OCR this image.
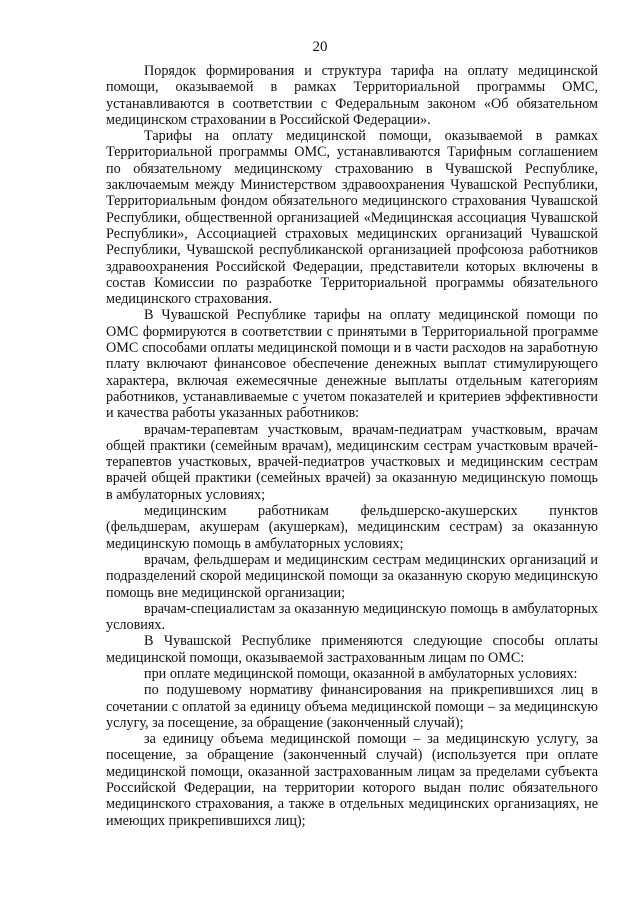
20

Порядок формирования и структура тарифа на оплату медицинской помощи, оказываемой в рамках Территориальной программы ОМС, устанавливаются в соответствии с Федеральным законом «Об обязательном медицинском страховании в Российской Федерации».

Тарифы на оплату медицинской помощи, оказываемой в рамках Территориальной программы ОМС, устанавливаются Тарифным соглашением по обязательному медицинскому страхованию в Чувашской Республике, заключаемым между Министерством здравоохранения Чувашской Республики, Территориальным фондом обязательного медицинского страхования Чувашской Республики, общественной организацией «Медицинская ассоциация Чувашской Республики», Ассоциацией страховых медицинских организаций Чувашской Республики, Чувашской республиканской организацией профсоюза работников здравоохранения Российской Федерации, представители которых включены в состав Комиссии по разработке Территориальной программы обязательного медицинского страхования.

В Чувашской Республике тарифы на оплату медицинской помощи по ОМС формируются в соответствии с принятыми в Территориальной программе ОМС способами оплаты медицинской помощи и в части расходов на заработную плату включают финансовое обеспечение денежных выплат стимулирующего характера, включая ежемесячные денежные выплаты отдельным категориям работников, устанавливаемые с учетом показателей и критериев эффективности и качества работы указанных работников:

врачам-терапевтам участковым, врачам-педиатрам участковым, врачам общей практики (семейным врачам), медицинским сестрам участковым врачей-терапевтов участковых, врачей-педиатров участковых и медицинским сестрам врачей общей практики (семейных врачей) за оказанную медицинскую помощь в амбулаторных условиях;

медицинским работникам фельдшерско-акушерских пунктов (фельдшерам, акушерам (акушеркам), медицинским сестрам) за оказанную медицинскую помощь в амбулаторных условиях;

врачам, фельдшерам и медицинским сестрам медицинских организаций и подразделений скорой медицинской помощи за оказанную скорую медицинскую помощь вне медицинской организации;

врачам-специалистам за оказанную медицинскую помощь в амбулаторных условиях.

В Чувашской Республике применяются следующие способы оплаты медицинской помощи, оказываемой застрахованным лицам по ОМС:

при оплате медицинской помощи, оказанной в амбулаторных условиях:

по подушевому нормативу финансирования на прикрепившихся лиц в сочетании с оплатой за единицу объема медицинской помощи – за медицинскую услугу, за посещение, за обращение (законченный случай);

за единицу объема медицинской помощи – за медицинскую услугу, за посещение, за обращение (законченный случай) (используется при оплате медицинской помощи, оказанной застрахованным лицам за пределами субъекта Российской Федерации, на территории которого выдан полис обязательного медицинского страхования, а также в отдельных медицинских организациях, не имеющих прикрепившихся лиц);
